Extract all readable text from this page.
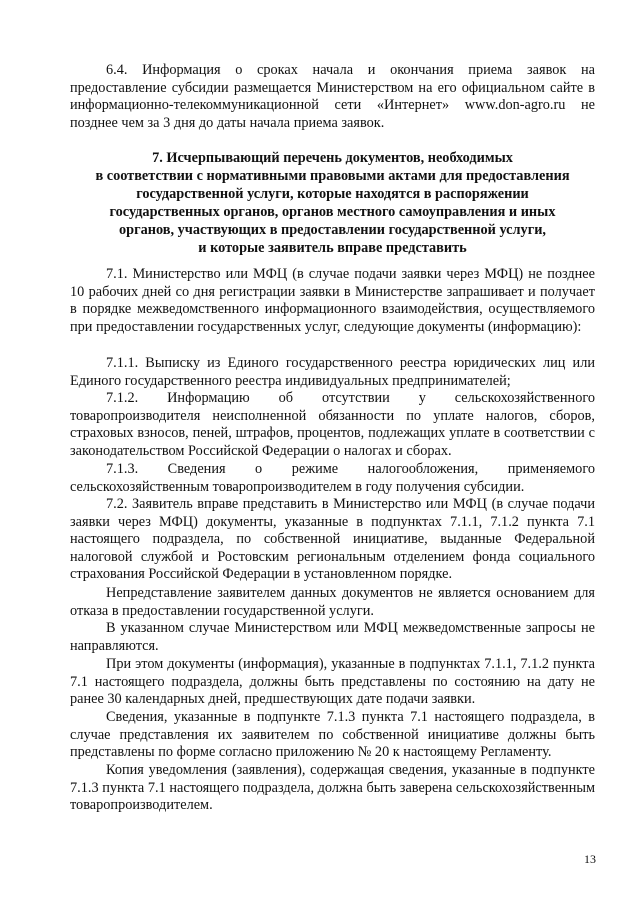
6.4. Информация о сроках начала и окончания приема заявок на предоставление субсидии размещается Министерством на его официальном сайте в информационно-телекоммуникационной сети «Интернет» www.don-agro.ru не позднее чем за 3 дня до даты начала приема заявок.

7. Исчерпывающий перечень документов, необходимых
в соответствии с нормативными правовыми актами для предоставления
государственной услуги, которые находятся в распоряжении
государственных органов, органов местного самоуправления и иных
органов, участвующих в предоставлении государственной услуги,
и которые заявитель вправе представить

7.1. Министерство или МФЦ (в случае подачи заявки через МФЦ) не позднее 10 рабочих дней со дня регистрации заявки в Министерстве запрашивает и получает в порядке межведомственного информационного взаимодействия, осуществляемого при предоставлении государственных услуг, следующие документы (информацию):

7.1.1. Выписку из Единого государственного реестра юридических лиц или Единого государственного реестра индивидуальных предпринимателей;

7.1.2. Информацию об отсутствии у сельскохозяйственного товаропроизводителя неисполненной обязанности по уплате налогов, сборов, страховых взносов, пеней, штрафов, процентов, подлежащих уплате в соответствии с законодательством Российской Федерации о налогах и сборах.

7.1.3. Сведения о режиме налогообложения, применяемого сельскохозяйственным товаропроизводителем в году получения субсидии.

7.2. Заявитель вправе представить в Министерство или МФЦ (в случае подачи заявки через МФЦ) документы, указанные в подпунктах 7.1.1, 7.1.2 пункта 7.1 настоящего подраздела, по собственной инициативе, выданные Федеральной налоговой службой и Ростовским региональным отделением фонда социального страхования Российской Федерации в установленном порядке.

Непредставление заявителем данных документов не является основанием для отказа в предоставлении государственной услуги.

В указанном случае Министерством или МФЦ межведомственные запросы не направляются.

При этом документы (информация), указанные в подпунктах 7.1.1, 7.1.2 пункта 7.1 настоящего подраздела, должны быть представлены по состоянию на дату не ранее 30 календарных дней, предшествующих дате подачи заявки.

Сведения, указанные в подпункте 7.1.3 пункта 7.1 настоящего подраздела, в случае представления их заявителем по собственной инициативе должны быть представлены по форме согласно приложению № 20 к настоящему Регламенту.

Копия уведомления (заявления), содержащая сведения, указанные в подпункте 7.1.3 пункта 7.1 настоящего подраздела, должна быть заверена сельскохозяйственным товаропроизводителем.

13
